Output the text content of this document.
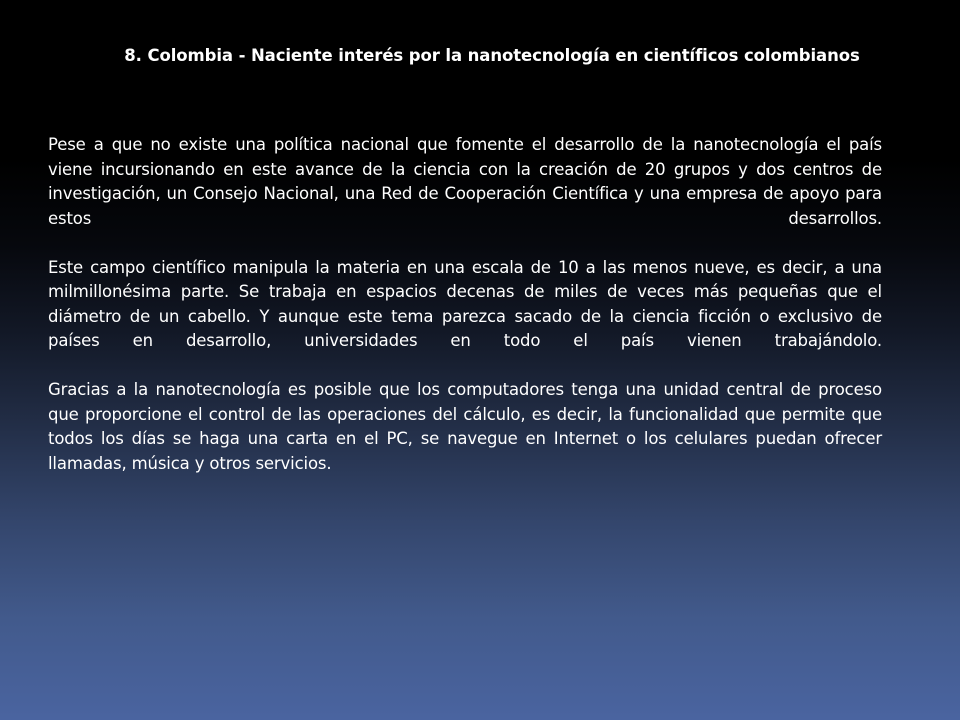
8. Colombia - Naciente interés por la nanotecnología en científicos colombianos

Pese a que no existe una política nacional que fomente el desarrollo de la nanotecnología el país viene incursionando en este avance de la ciencia con la creación de 20 grupos y dos centros de investigación, un Consejo Nacional, una Red de Cooperación Científica y una empresa de apoyo para estos desarrollos.

Este campo científico manipula la materia en una escala de 10 a las menos nueve, es decir, a una milmillonésima parte. Se trabaja en espacios decenas de miles de veces más pequeñas que el diámetro de un cabello. Y aunque este tema parezca sacado de la ciencia ficción o exclusivo de países en desarrollo, universidades en todo el país vienen trabajándolo.

Gracias a la nanotecnología es posible que los computadores tenga una unidad central de proceso que proporcione el control de las operaciones del cálculo, es decir, la funcionalidad que permite que todos los días se haga una carta en el PC, se navegue en Internet o los celulares puedan ofrecer llamadas, música y otros servicios.
